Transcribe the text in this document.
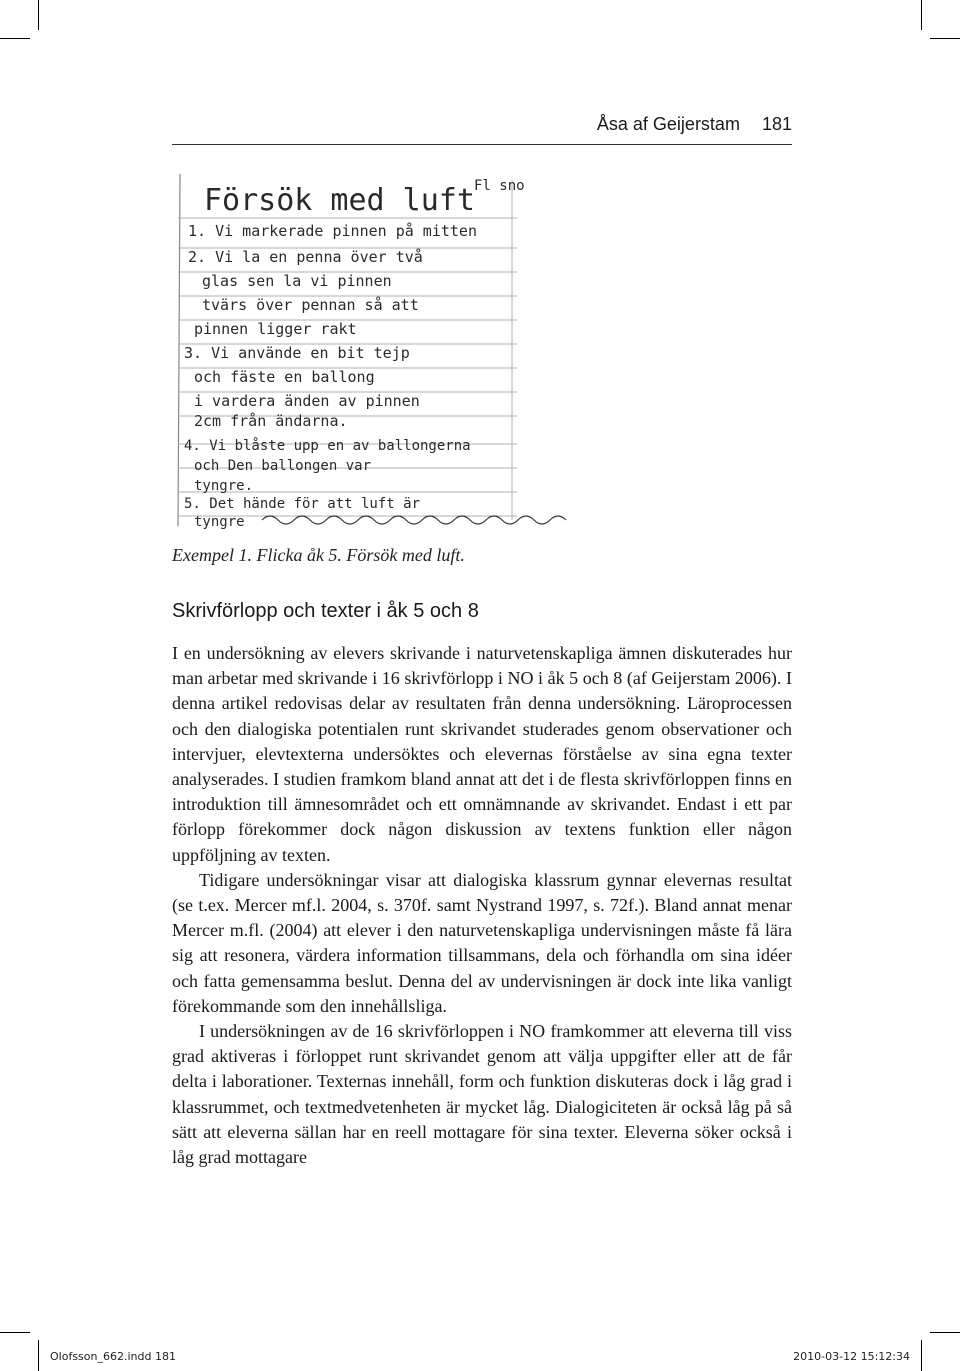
Åsa af Geijerstam 181
Försök med luft Fl sno
1. Vi markerade pinnen på mitten
2. Vi la en penna över två
glas sen la vi pinnen
tvärs över pennan så att
pinnen ligger rakt
3. Vi använde en bit tejp
och fäste en ballong
i vardera änden av pinnen
2cm från ändarna.
4. Vi blåste upp en av ballongerna
och Den ballongen var
tyngre.
5. Det hände för att luft är
tyngre
Exempel 1. Flicka åk 5. Försök med luft.
Skrivförlopp och texter i åk 5 och 8

I en undersökning av elevers skrivande i naturvetenskapliga ämnen diskuterades hur man arbetar med skrivande i 16 skrivförlopp i NO i åk 5 och 8 (af Geijerstam 2006). I denna artikel redovisas delar av resultaten från denna undersökning. Läroprocessen och den dialogiska potentialen runt skrivandet studerades genom observationer och intervjuer, elevtexterna undersöktes och elevernas förståelse av sina egna texter analyserades. I studien framkom bland annat att det i de flesta skrivförloppen finns en introduktion till ämnesområdet och ett omnämnande av skrivandet. Endast i ett par förlopp förekommer dock någon diskussion av textens funktion eller någon uppföljning av texten.

Tidigare undersökningar visar att dialogiska klassrum gynnar elevernas resultat (se t.ex. Mercer mf.l. 2004, s. 370f. samt Nystrand 1997, s. 72f.). Bland annat menar Mercer m.fl. (2004) att elever i den naturvetenskapliga undervisningen måste få lära sig att resonera, värdera information tillsammans, dela och förhandla om sina idéer och fatta gemensamma beslut. Denna del av undervisningen är dock inte lika vanligt förekommande som den innehållsliga.

I undersökningen av de 16 skrivförloppen i NO framkommer att eleverna till viss grad aktiveras i förloppet runt skrivandet genom att välja uppgifter eller att de får delta i laborationer. Texternas innehåll, form och funktion diskuteras dock i låg grad i klassrummet, och textmedvetenheten är mycket låg. Dialogiciteten är också låg på så sätt att eleverna sällan har en reell mottagare för sina texter. Eleverna söker också i låg grad mottagare

Olofsson_662.indd 181	2010-03-12 15:12:34
